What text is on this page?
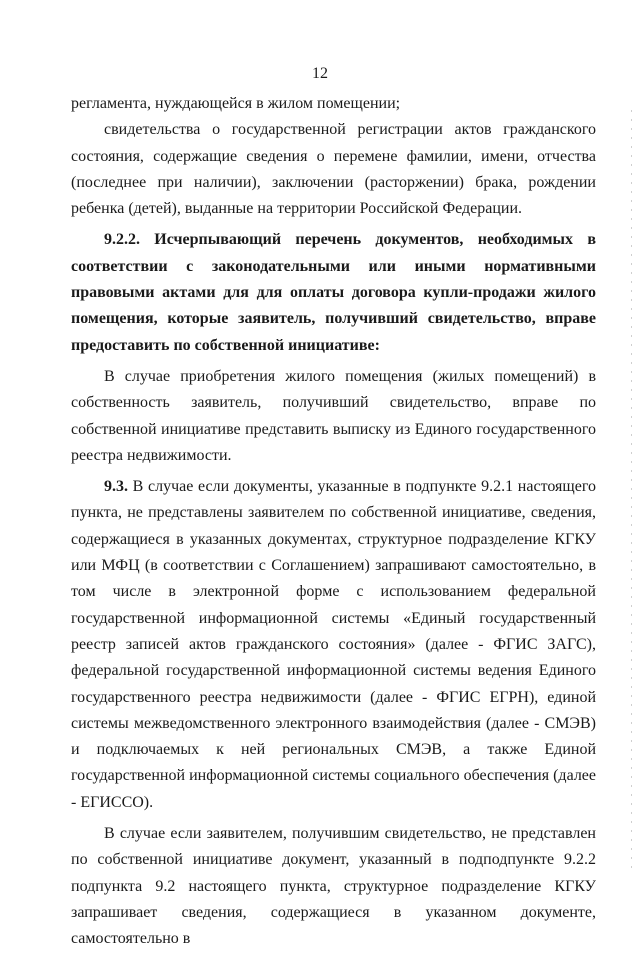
12

регламента, нуждающейся в жилом помещении;

свидетельства о государственной регистрации актов гражданского состояния, содержащие сведения о перемене фамилии, имени, отчества (последнее при наличии), заключении (расторжении) брака, рождении ребенка (детей), выданные на территории Российской Федерации.

9.2.2. Исчерпывающий перечень документов, необходимых в соответствии с законодательными или иными нормативными правовыми актами для для оплаты договора купли-продажи жилого помещения, которые заявитель, получивший свидетельство, вправе предоставить по собственной инициативе:

В случае приобретения жилого помещения (жилых помещений) в собственность заявитель, получивший свидетельство, вправе по собственной инициативе представить выписку из Единого государственного реестра недвижимости.

9.3. В случае если документы, указанные в подпункте 9.2.1 настоящего пункта, не представлены заявителем по собственной инициативе, сведения, содержащиеся в указанных документах, структурное подразделение КГКУ или МФЦ (в соответствии с Соглашением) запрашивают самостоятельно, в том числе в электронной форме с использованием федеральной государственной информационной системы «Единый государственный реестр записей актов гражданского состояния» (далее - ФГИС ЗАГС), федеральной государственной информационной системы ведения Единого государственного реестра недвижимости (далее - ФГИС ЕГРН), единой системы межведомственного электронного взаимодействия (далее - СМЭВ) и подключаемых к ней региональных СМЭВ, а также Единой государственной информационной системы социального обеспечения (далее - ЕГИССО).

В случае если заявителем, получившим свидетельство, не представлен по собственной инициативе документ, указанный в подподпункте 9.2.2 подпункта 9.2 настоящего пункта, структурное подразделение КГКУ запрашивает сведения, содержащиеся в указанном документе, самостоятельно в
